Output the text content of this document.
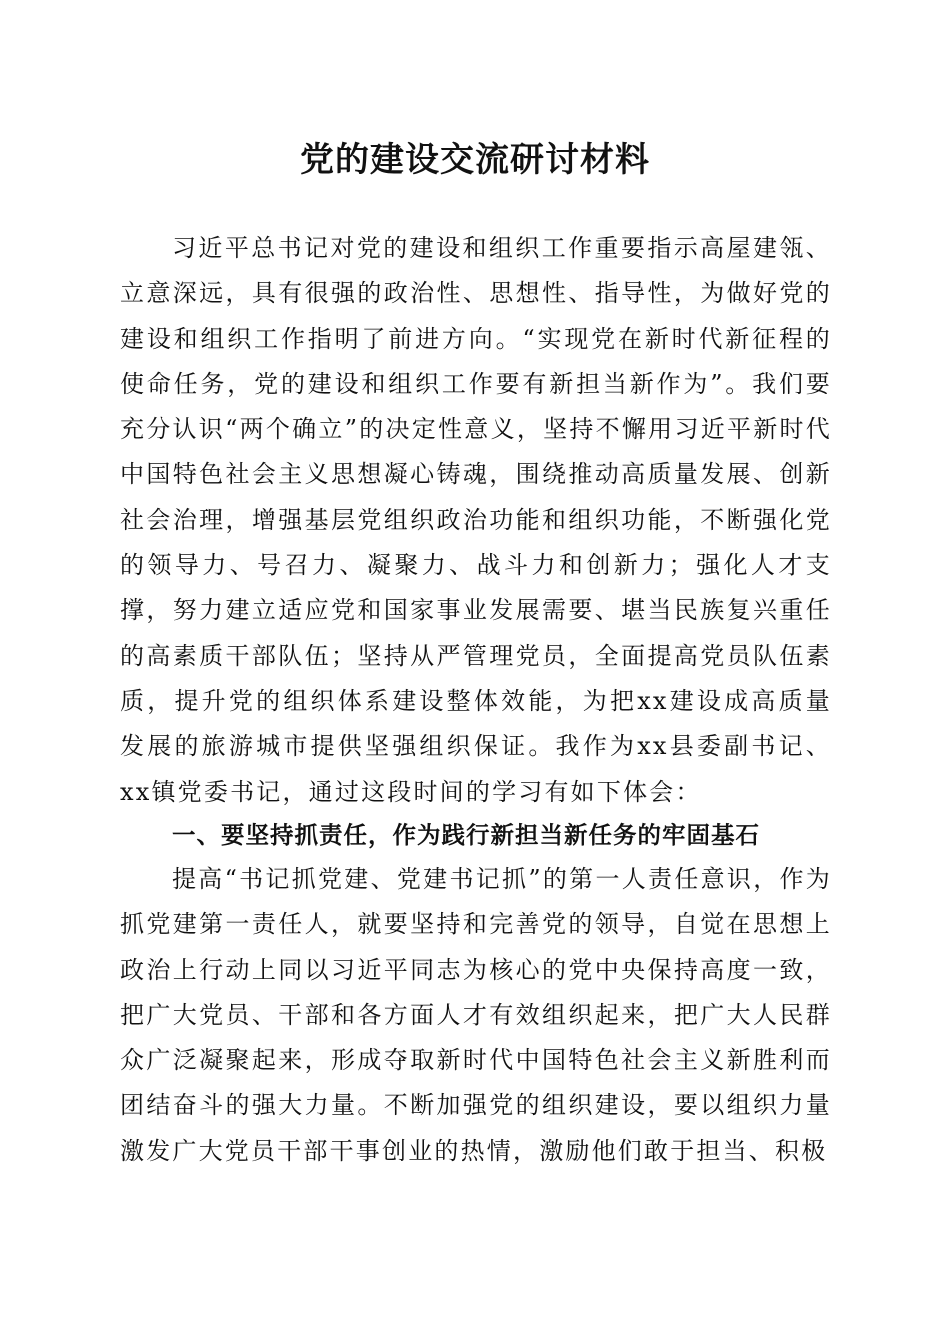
党的建设交流研讨材料

习近平总书记对党的建设和组织工作重要指示高屋建瓴、立意深远，具有很强的政治性、思想性、指导性，为做好党的建设和组织工作指明了前进方向。“实现党在新时代新征程的使命任务，党的建设和组织工作要有新担当新作为”。我们要充分认识“两个确立”的决定性意义，坚持不懈用习近平新时代中国特色社会主义思想凝心铸魂，围绕推动高质量发展、创新社会治理，增强基层党组织政治功能和组织功能，不断强化党的领导力、号召力、凝聚力、战斗力和创新力；强化人才支撑，努力建立适应党和国家事业发展需要、堪当民族复兴重任的高素质干部队伍；坚持从严管理党员，全面提高党员队伍素质，提升党的组织体系建设整体效能，为把xx建设成高质量发展的旅游城市提供坚强组织保证。我作为xx县委副书记、xx镇党委书记，通过这段时间的学习有如下体会：

一、要坚持抓责任，作为践行新担当新任务的牢固基石

提高“书记抓党建、党建书记抓”的第一人责任意识，作为抓党建第一责任人，就要坚持和完善党的领导，自觉在思想上政治上行动上同以习近平同志为核心的党中央保持高度一致，把广大党员、干部和各方面人才有效组织起来，把广大人民群众广泛凝聚起来，形成夺取新时代中国特色社会主义新胜利而团结奋斗的强大力量。不断加强党的组织建设，要以组织力量激发广大党员干部干事创业的热情，激励他们敢于担当、积极
